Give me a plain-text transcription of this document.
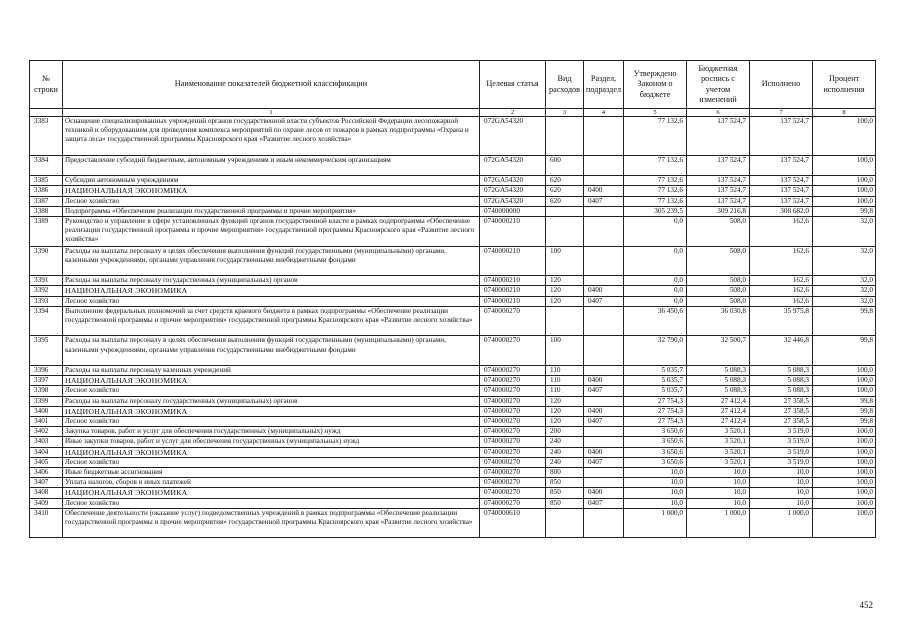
№ строки	Наименование показателей бюджетной классификации	Целевая статья	Вид расходов	Раздел, подраздел	Утверждено Законом о бюджете	Бюджетная роспись с учетом изменений	Исполнено	Процент исполнения
	1	2	3	4	5	6	7	8
3383	Оснащение специализированных учреждений органов государственной власти субъектов Российской Федерации лесопожарной техникой и оборудованием для проведения комплекса мероприятий по охране лесов от пожаров в рамках подпрограммы «Охрана и защита леса» государственной программы Красноярского края «Развитие лесного хозяйства»	072GA54320			77 132,6	137 524,7	137 524,7	100,0
3384	Предоставление субсидий бюджетным, автономным учреждениям и иным некоммерческим организациям	072GA54320	600		77 132,6	137 524,7	137 524,7	100,0
3385	Субсидии автономным учреждениям	072GA54320	620		77 132,6	137 524,7	137 524,7	100,0
3386	НАЦИОНАЛЬНАЯ ЭКОНОМИКА	072GA54320	620	0400	77 132,6	137 524,7	137 524,7	100,0
3387	Лесное хозяйство	072GA54320	620	0407	77 132,6	137 524,7	137 524,7	100,0
3388	Подпрограмма «Обеспечение реализации государственной программы и прочие мероприятия»	0740000000			305 239,5	309 216,8	308 682,0	99,8
3389	Руководство и управление в сфере установленных функций органов государственной власти в рамках подпрограммы «Обеспечение реализации государственной программы и прочие мероприятия» государственной программы Красноярского края «Развитие лесного хозяйства»	0740000210			0,0	508,0	162,6	32,0
3390	Расходы на выплаты персоналу в целях обеспечения выполнения функций государственными (муниципальными) органами, казенными учреждениями, органами управления государственными внебюджетными фондами	0740000210	100		0,0	508,0	162,6	32,0
3391	Расходы на выплаты персоналу государственных (муниципальных) органов	0740000210	120		0,0	508,0	162,6	32,0
3392	НАЦИОНАЛЬНАЯ ЭКОНОМИКА	0740000210	120	0400	0,0	508,0	162,6	32,0
3393	Лесное хозяйство	0740000210	120	0407	0,0	508,0	162,6	32,0
3394	Выполнение федеральных полномочий за счет средств краевого бюджета в рамках подпрограммы «Обеспечение реализации государственной программы и прочие мероприятия» государственной программы Красноярского края «Развитие лесного хозяйства»	0740000270			36 450,6	36 030,8	35 975,8	99,8
3395	Расходы на выплаты персоналу в целях обеспечения выполнения функций государственными (муниципальными) органами, казенными учреждениями, органами управления государственными внебюджетными фондами	0740000270	100		32 790,0	32 500,7	32 446,8	99,8
3396	Расходы на выплаты персоналу казенных учреждений	0740000270	110		5 035,7	5 088,3	5 088,3	100,0
3397	НАЦИОНАЛЬНАЯ ЭКОНОМИКА	0740000270	110	0400	5 035,7	5 088,3	5 088,3	100,0
3398	Лесное хозяйство	0740000270	110	0407	5 035,7	5 088,3	5 088,3	100,0
3399	Расходы на выплаты персоналу государственных (муниципальных) органов	0740000270	120		27 754,3	27 412,4	27 358,5	99,8
3400	НАЦИОНАЛЬНАЯ ЭКОНОМИКА	0740000270	120	0400	27 754,3	27 412,4	27 358,5	99,8
3401	Лесное хозяйство	0740000270	120	0407	27 754,3	27 412,4	27 358,5	99,8
3402	Закупка товаров, работ и услуг для обеспечения государственных (муниципальных) нужд	0740000270	200		3 650,6	3 520,1	3 519,0	100,0
3403	Иные закупки товаров, работ и услуг для обеспечения государственных (муниципальных) нужд	0740000270	240		3 650,6	3 520,1	3 519,0	100,0
3404	НАЦИОНАЛЬНАЯ ЭКОНОМИКА	0740000270	240	0400	3 650,6	3 520,1	3 519,0	100,0
3405	Лесное хозяйство	0740000270	240	0407	3 650,6	3 520,1	3 519,0	100,0
3406	Иные бюджетные ассигнования	0740000270	800		10,0	10,0	10,0	100,0
3407	Уплата налогов, сборов и иных платежей	0740000270	850		10,0	10,0	10,0	100,0
3408	НАЦИОНАЛЬНАЯ ЭКОНОМИКА	0740000270	850	0400	10,0	10,0	10,0	100,0
3409	Лесное хозяйство	0740000270	850	0407	10,0	10,0	10,0	100,0
3410	Обеспечение деятельности (оказание услуг) подведомственных учреждений в рамках подпрограммы «Обеспечение реализации государственной программы и прочие мероприятия» государственной программы Красноярского края «Развитие лесного хозяйства»	0740000610			1 000,0	1 000,0	1 000,0	100,0
452
